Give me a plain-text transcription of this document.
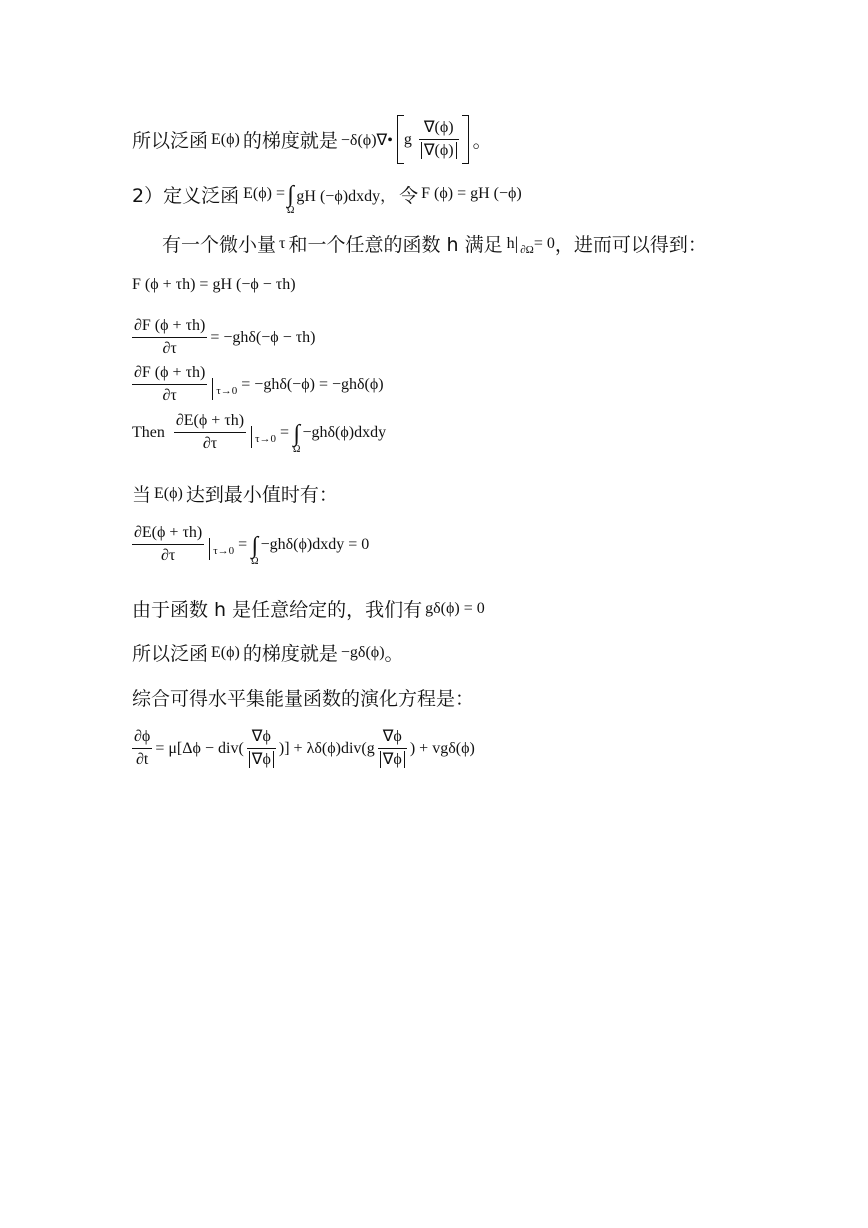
所以泛函 E(ϕ) 的梯度就是 −δ(ϕ)∇• g $\frac{\nabla(\phi)}{\nabla(\phi)}$ 。
2）定义泛函 E(ϕ) = ∫
Ω
gH (−ϕ)dxdy， 令 F (ϕ) = gH (−ϕ)
有一个微小量 τ 和一个任意的函数 h 满足 h | ∂Ω = 0 ，进而可以得到：
F (ϕ + τh) = gH (−ϕ − τh)
$\frac{\partial F (\phi + \tau h)}{\partial\tau} = -gh\delta(-\phi - \tau h)$
$\frac{\partial F (\phi + \tau h)}{\partial\tau} \tau\to 0 = -gh\delta(-\phi) = -gh\delta(\phi)$
Then $\frac{\partial E(\phi + \tau h)}{\partial\tau} \tau\to 0$ = ∫
Ω
−ghδ(ϕ)dxdy
当 E(ϕ) 达到最小值时有：
$\frac{\partial E(\phi + \tau h)}{\partial\tau} \tau\to 0$ = ∫
Ω
−ghδ(ϕ)dxdy = 0
由于函数 h 是任意给定的，我们有 gδ(ϕ) = 0
所以泛函 E(ϕ) 的梯度就是 −gδ(ϕ) 。
综合可得水平集能量函数的演化方程是：
$\frac{\partial\phi}{\partial t} = \mu[\Delta\phi - div( \frac{\nabla\phi}{\nabla\phi}$ )] + $\lambda\delta(\phi)div(g \frac{\nabla\phi}{\nabla\phi}$ ) + vgδ(ϕ)
